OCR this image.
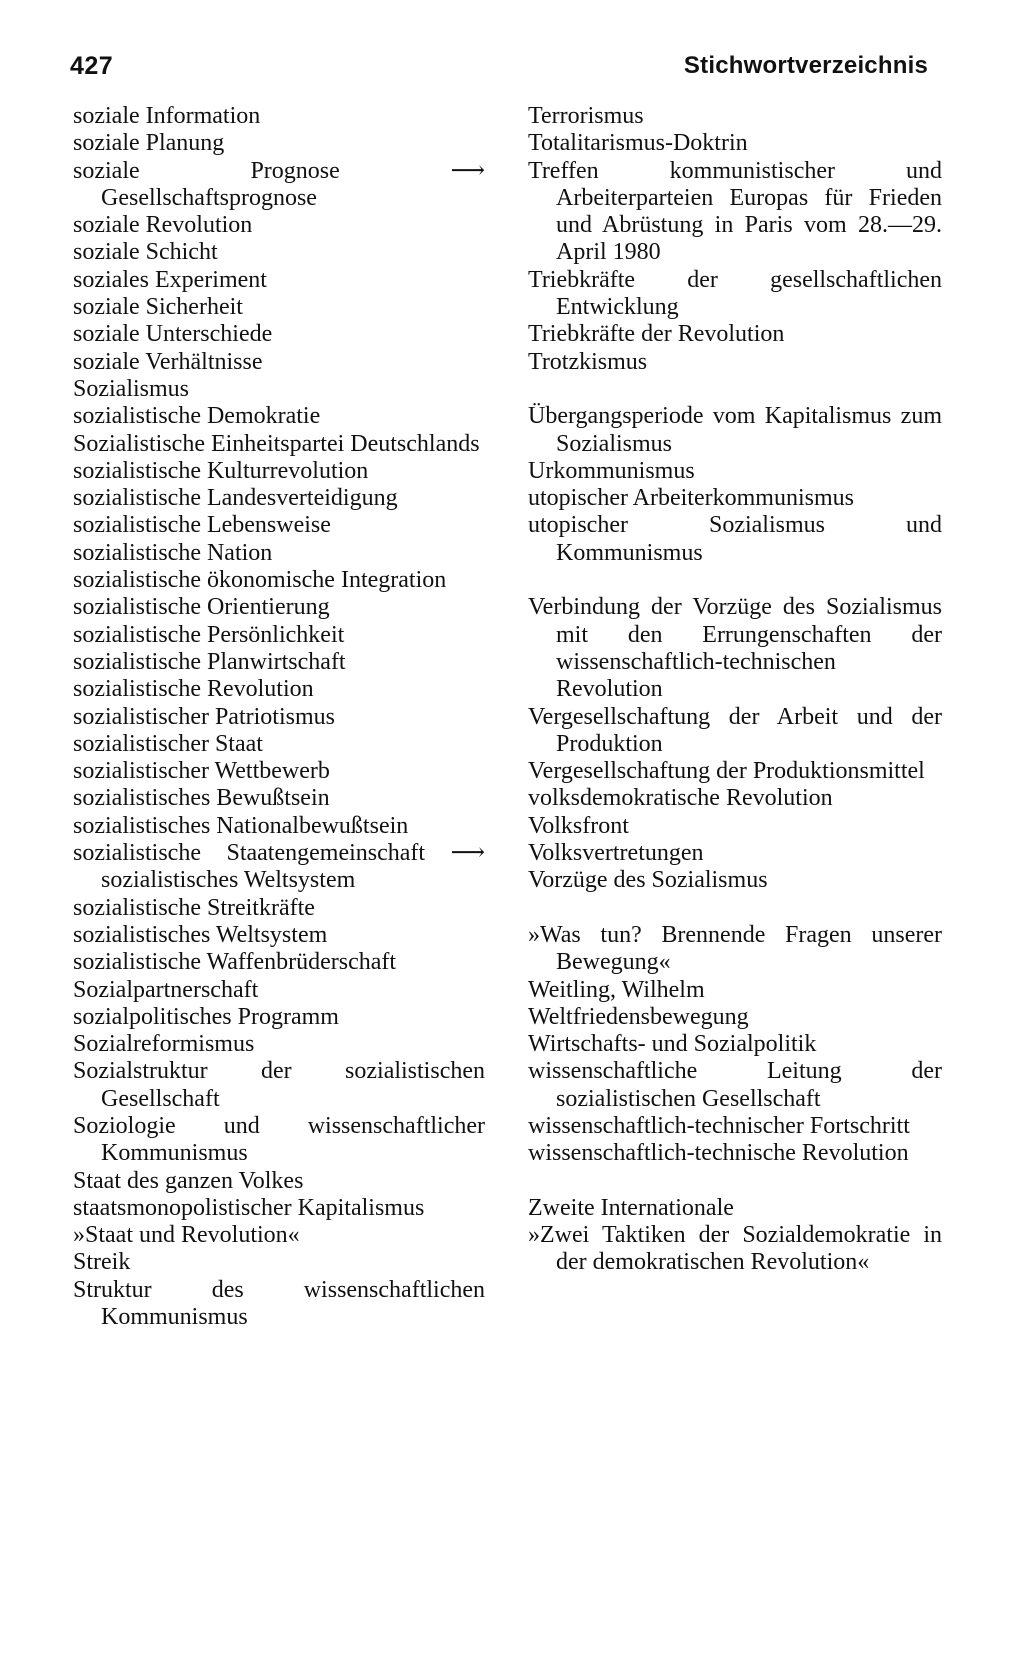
427	Stichwortverzeichnis
soziale Information
soziale Planung
soziale Prognose ⟶ Gesellschaftsprognose
soziale Revolution
soziale Schicht
soziales Experiment
soziale Sicherheit
soziale Unterschiede
soziale Verhältnisse
Sozialismus
sozialistische Demokratie
Sozialistische Einheitspartei Deutschlands
sozialistische Kulturrevolution
sozialistische Landesverteidigung
sozialistische Lebensweise
sozialistische Nation
sozialistische ökonomische Integration
sozialistische Orientierung
sozialistische Persönlichkeit
sozialistische Planwirtschaft
sozialistische Revolution
sozialistischer Patriotismus
sozialistischer Staat
sozialistischer Wettbewerb
sozialistisches Bewußtsein
sozialistisches Nationalbewußtsein
sozialistische Staatengemeinschaft ⟶ sozialistisches Weltsystem
sozialistische Streitkräfte
sozialistisches Weltsystem
sozialistische Waffenbrüderschaft
Sozialpartnerschaft
sozialpolitisches Programm
Sozialreformismus
Sozialstruktur der sozialistischen Gesellschaft
Soziologie und wissenschaftlicher Kommunismus
Staat des ganzen Volkes
staatsmonopolistischer Kapitalismus
»Staat und Revolution«
Streik
Struktur des wissenschaftlichen Kommunismus
Terrorismus
Totalitarismus-Doktrin
Treffen kommunistischer und Arbeiterparteien Europas für Frieden und Abrüstung in Paris vom 28.—29. April 1980
Triebkräfte der gesellschaftlichen Entwicklung
Triebkräfte der Revolution
Trotzkismus
Übergangsperiode vom Kapitalismus zum Sozialismus
Urkommunismus
utopischer Arbeiterkommunismus
utopischer Sozialismus und Kommunismus
Verbindung der Vorzüge des Sozialismus mit den Errungenschaften der wissenschaftlich-technischen Revolution
Vergesellschaftung der Arbeit und der Produktion
Vergesellschaftung der Produktionsmittel
volksdemokratische Revolution
Volksfront
Volksvertretungen
Vorzüge des Sozialismus
»Was tun? Brennende Fragen unserer Bewegung«
Weitling, Wilhelm
Weltfriedensbewegung
Wirtschafts- und Sozialpolitik
wissenschaftliche Leitung der sozialistischen Gesellschaft
wissenschaftlich-technischer Fortschritt
wissenschaftlich-technische Revolution
Zweite Internationale
»Zwei Taktiken der Sozialdemokratie in der demokratischen Revolution«
